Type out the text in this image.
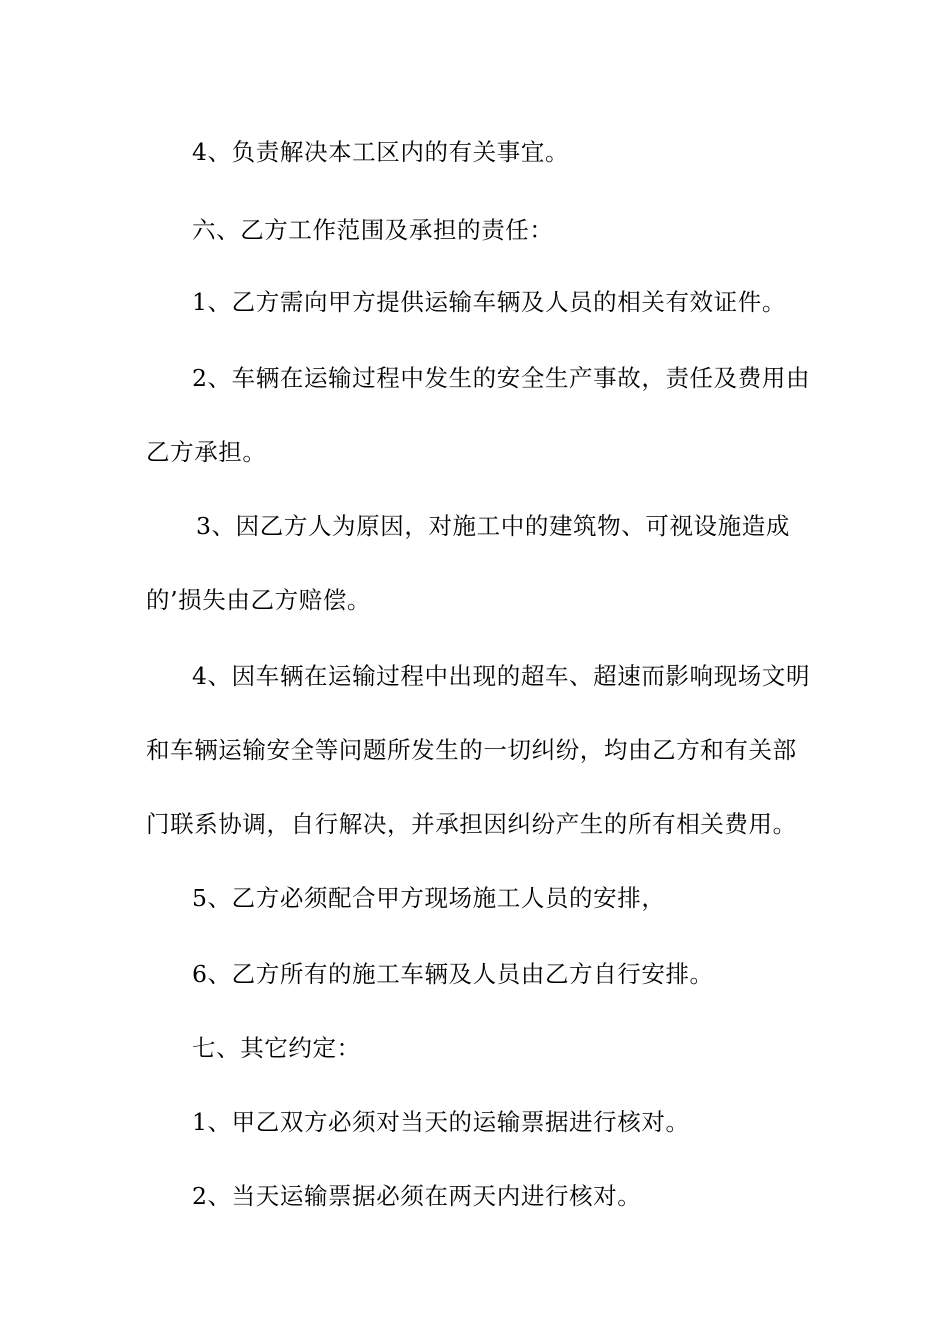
4、负责解决本工区内的有关事宜。
六、乙方工作范围及承担的责任：
1、乙方需向甲方提供运输车辆及人员的相关有效证件。
2、车辆在运输过程中发生的安全生产事故，责任及费用由
乙方承担。
3、因乙方人为原因，对施工中的建筑物、可视设施造成
的’损失由乙方赔偿。
4、因车辆在运输过程中出现的超车、超速而影响现场文明
和车辆运输安全等问题所发生的一切纠纷，均由乙方和有关部
门联系协调，自行解决，并承担因纠纷产生的所有相关费用。
5、乙方必须配合甲方现场施工人员的安排，
6、乙方所有的施工车辆及人员由乙方自行安排。
七、其它约定：
1、甲乙双方必须对当天的运输票据进行核对。
2、当天运输票据必须在两天内进行核对。
